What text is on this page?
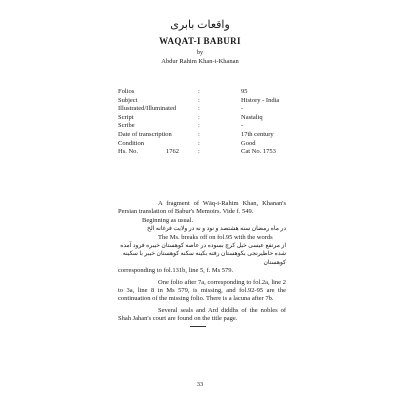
واقعات بابری
WAQAT-I BABURI
by
Abdur Rahim Khan-i-Khanan
Folios	:	95
Subject	:	History - India
Illustrated/Illuminated	:	-
Script	:	Nastaliq
Scribe	:	-
Date of transcription	:	17th century
Condition	:	Good
Hs. No.	1762	:	Cat No. 1753

A fragment of Wāq-i-Rahim Khan, Khanan's Persian translation of Babur's Memoirs. Vide f. 549.

Beginning as usual.

در ماه رمضان سنه هشتصد و نود و نه در ولایت فرغانه الخ

The Ms. breaks off on fol.95 with the words

از مرتفع عیسی خیل کرچ بسوده در عاصه کوهستان خیبره فرود آمده شده حاطیرنجی بکوهستان رفته بکینه سکنه کوهستان خیبر با سکینه کوهستان

corresponding to fol.131b, line 5, f. Ms 579.

One folio after 7a, corresponding to fol.2a, line 2 to 3a, line 8 in Ms 579, is missing, and fol.92-95 are the continuation of the missing folio. There is a lacuna after 7b.

Several seals and Ard diddhs of the nobles of Shah Jahan's court are found on the title page.

33
